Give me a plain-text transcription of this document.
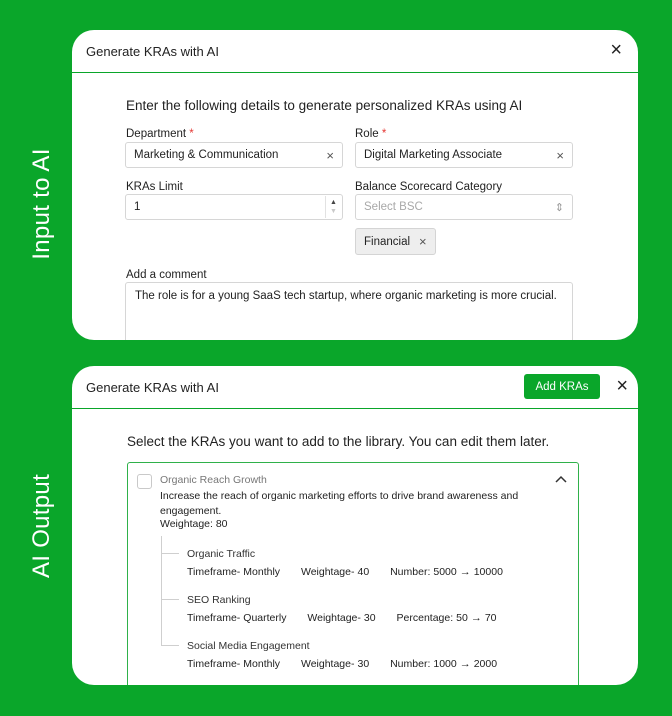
Input to AI
AI Output
Generate KRAs with AI	×
Enter the following details to generate personalized KRAs using AI
Department *
Marketing & Communication	×
Role *
Digital Marketing Associate	×
KRAs Limit
1	▲
▼
Balance Scorecard Category
Select BSC	⇕
Financial ×
Add a comment
The role is for a young SaaS tech startup, where organic marketing is more crucial.
Generate KRAs with AI	Add KRAs	×
Select the KRAs you want to add to the library. You can edit them later.
Organic Reach Growth
Increase the reach of organic marketing efforts to drive brand awareness and engagement.
Weightage: 80
Organic Traffic
Timeframe- Monthly Weightage- 40 Number: 5000 → 10000
SEO Ranking
Timeframe- Quarterly Weightage- 30 Percentage: 50 → 70
Social Media Engagement
Timeframe- Monthly Weightage- 30 Number: 1000 → 2000
